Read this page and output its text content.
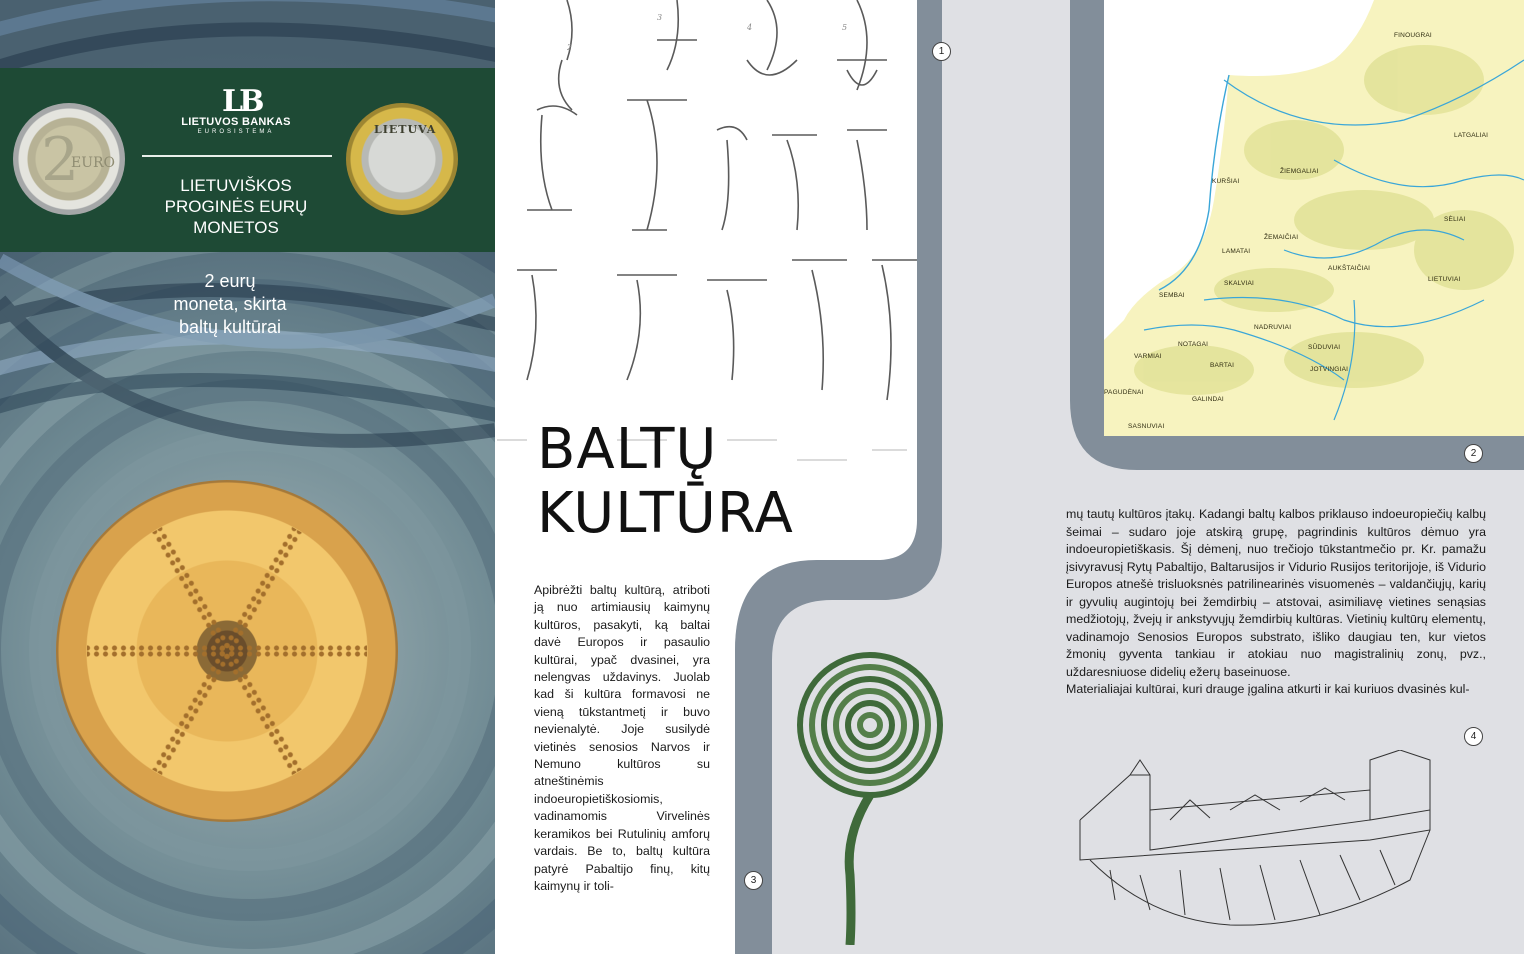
2
EURO
LIETUVA
LB
LIETUVOS BANKAS
EUROSISTEMA
LIETUVIŠKOS PROGINĖS EURŲ MONETOS
2 eurų moneta, skirta baltų kultūrai
3
4	5
2
BALTŲ
KULTŪRA
Apibrėžti baltų kultūrą, atriboti ją nuo artimiausių kaimynų kultūros, pasakyti, ką baltai davė Europos ir pasaulio kultūrai, ypač dvasinei, yra nelengvas uždavinys. Juolab kad ši kultūra formavosi ne vieną tūkstantmetį ir buvo nevienalytė. Joje susilydė vietinės senosios Narvos ir Nemuno kultūros su atneštinėmis indoeuropietiškosiomis, vadinamomis Virvelinės keramikos bei Rutulinių amforų vardais. Be to, baltų kultūra patyrė Pabaltijo finų, kitų kaimynų ir toli-
FINOUGRAI
LATGALIAI
ŽIEMGALIAI
KURŠIAI
SĖLIAI
ŽEMAIČIAI
LAMATAI
AUKŠTAIČIAI
LIETUVIAI
SEMBAI
SKALVIAI
NOTAGAI
NADRUVIAI
VARMIAI
SŪDUVIAI
BARTAI
JOTVINGIAI
PAGUDĖNAI
GALINDAI
SASNUVIAI

mų tautų kultūros įtakų. Kadangi baltų kalbos priklauso indoeuropiečių kalbų šeimai – sudaro joje atskirą grupę, pagrindinis kultūros dėmuo yra indoeuropietiškasis. Šį dėmenį, nuo trečiojo tūkstantmečio pr. Kr. pamažu įsivyravusį Rytų Pabaltijo, Baltarusijos ir Vidurio Rusijos teritorijoje, iš Vidurio Europos atnešė trisluoksnės patrilinearinės visuomenės – valdančiųjų, karių ir gyvulių augintojų bei žemdirbių – atstovai, asimiliavę vietines senąsias medžiotojų, žvejų ir ankstyvųjų žemdirbių kultūras. Vietinių kultūrų elementų, vadinamojo Senosios Europos substrato, išliko daugiau ten, kur vietos žmonių gyventa tankiau ir atokiau nuo magistralinių zonų, pvz., uždaresniuose didelių ežerų baseinuose.

Materialiajai kultūrai, kuri drauge įgalina atkurti ir kai kuriuos dvasinės kul-

1
2
3
4
